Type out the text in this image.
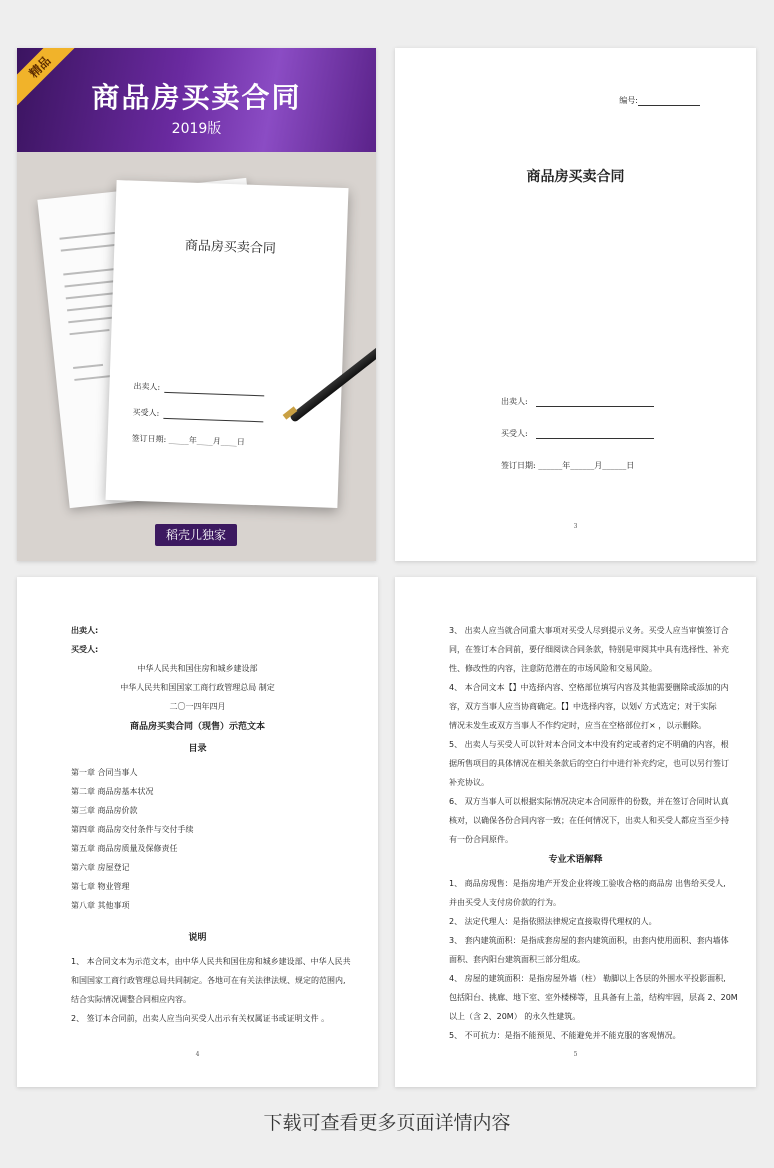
精品
商品房买卖合同
2019版
商品房买卖合同
出卖人:
买受人:
签订日期: _____年____月____日
稻壳儿独家
编号:
商品房买卖合同
出卖人:
买受人:
签订日期: ______年______月______日
3
出卖人:
买受人:
中华人民共和国住房和城乡建设部
中华人民共和国国家工商行政管理总局 制定
二〇一四年四月
商品房买卖合同（现售）示范文本
目录
第一章 合同当事人
第二章 商品房基本状况
第三章 商品房价款
第四章 商品房交付条件与交付手续
第五章 商品房质量及保修责任
第六章 房屋登记
第七章 物业管理
第八章 其他事项
说明
1、 本合同文本为示范文本，由中华人民共和国住房和城乡建设部、中华人民共
和国国家工商行政管理总局共同制定。各地可在有关法律法规、规定的范围内,
结合实际情况调整合同相应内容。
2、 签订本合同前，出卖人应当向买受人出示有关权属证书或证明文件 。
4
3、 出卖人应当就合同重大事项对买受人尽到提示义务。买受人应当审慎签订合
同，在签订本合同前，要仔细阅读合同条款，特别是审阅其中具有选择性、补充
性、修改性的内容，注意防范潜在的市场风险和交易风险。
4、 本合同文本【】中选择内容、空格部位填写内容及其他需要删除或添加的内
容，双方当事人应当协商确定。【】中选择内容，以划√ 方式选定；对于实际
情况未发生或双方当事人不作约定时，应当在空格部位打× ，以示删除。
5、 出卖人与买受人可以针对本合同文本中没有约定或者约定不明确的内容，根
据所售项目的具体情况在相关条款后的空白行中进行补充约定，也可以另行签订
补充协议。
6、 双方当事人可以根据实际情况决定本合同原件的份数，并在签订合同时认真
核对，以确保各份合同内容一致；在任何情况下，出卖人和买受人都应当至少持
有一份合同原件。
专业术语解释
1、 商品房现售：是指房地产开发企业将竣工验收合格的商品房 出售给买受人,
并由买受人支付房价款的行为。
2、 法定代理人：是指依照法律规定直接取得代理权的人。
3、 套内建筑面积：是指成套房屋的套内建筑面积，由套内使用面积、套内墙体
面积、套内阳台建筑面积三部分组成。
4、 房屋的建筑面积：是指房屋外墙（柱） 勒脚以上各层的外围水平投影面积,
包括阳台、挑廊、地下室、室外楼梯等，且具备有上盖，结构牢固，层高 2、20M
以上（含 2、20M） 的永久性建筑。
5、 不可抗力：是指不能预见、不能避免并不能克服的客观情况。
5
下载可查看更多页面详情内容
